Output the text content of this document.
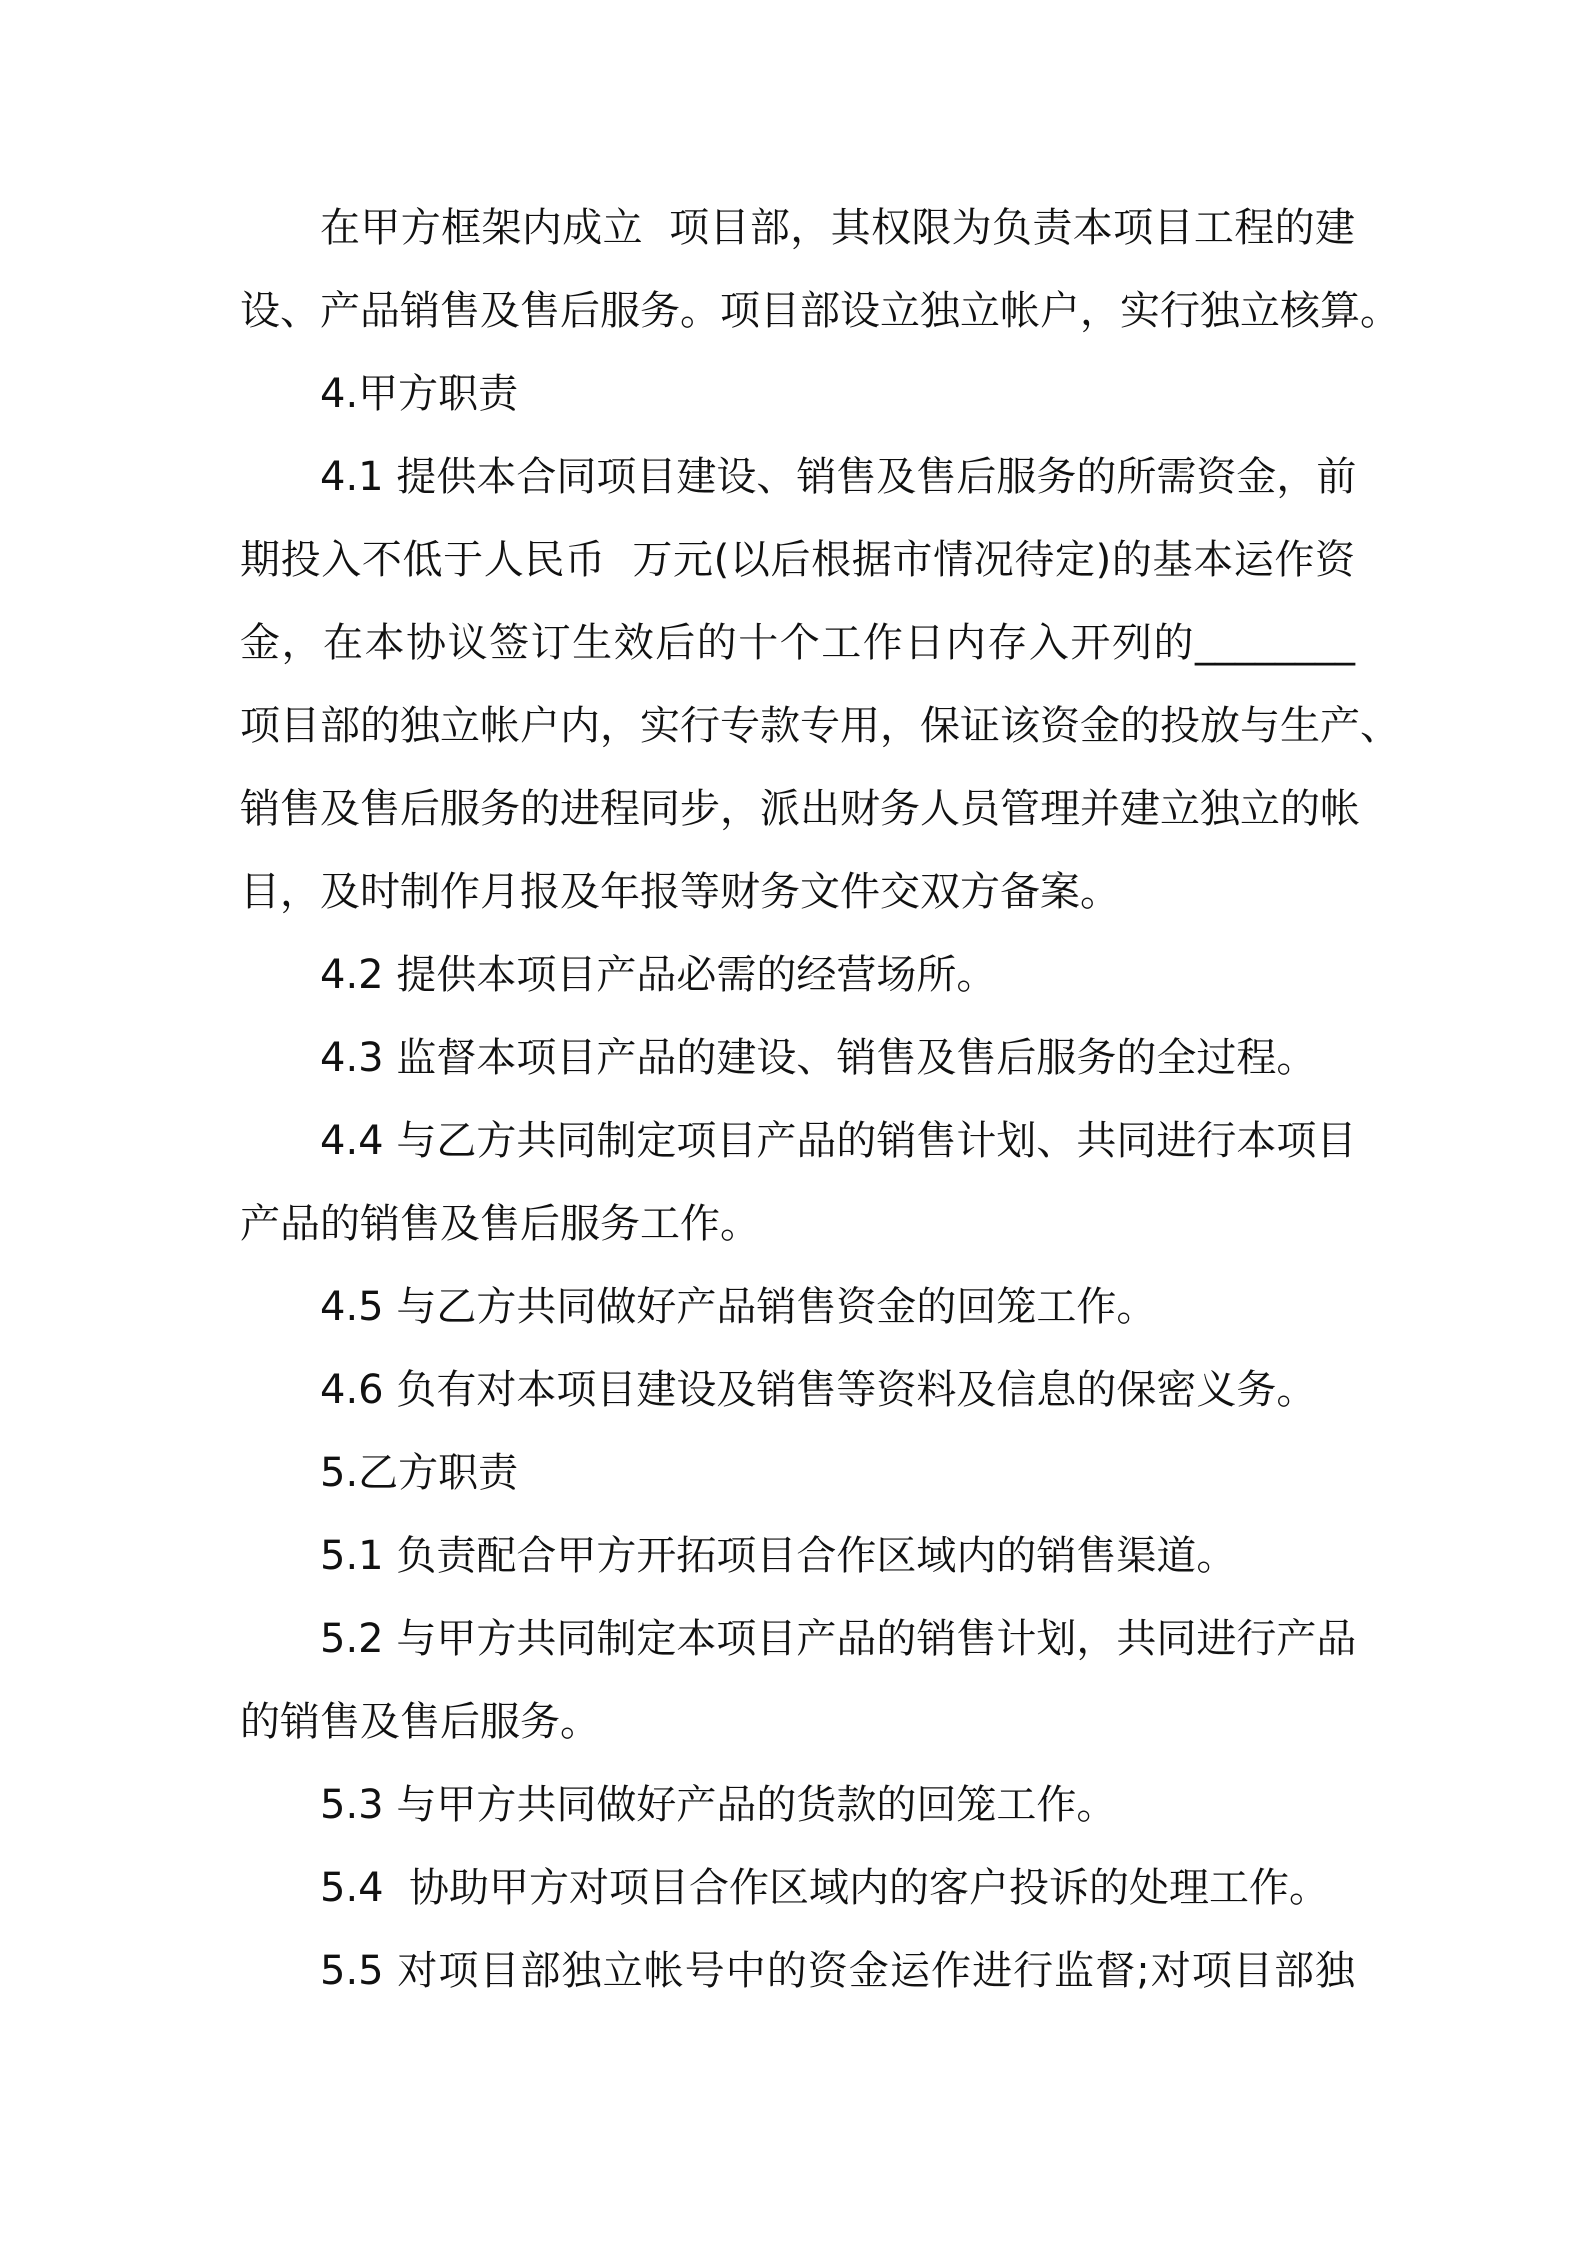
在甲方框架内成立  项目部，其权限为负责本项目工程的建
设、产品销售及售后服务。项目部设立独立帐户，实行独立核算。
4.甲方职责
4.1 提供本合同项目建设、销售及售后服务的所需资金，前
期投入不低于人民币  万元(以后根据市情况待定)的基本运作资
金，在本协议签订生效后的十个工作日内存入开列的________
项目部的独立帐户内，实行专款专用，保证该资金的投放与生产、
销售及售后服务的进程同步，派出财务人员管理并建立独立的帐
目，及时制作月报及年报等财务文件交双方备案。
4.2 提供本项目产品必需的经营场所。
4.3 监督本项目产品的建设、销售及售后服务的全过程。
4.4 与乙方共同制定项目产品的销售计划、共同进行本项目
产品的销售及售后服务工作。
4.5 与乙方共同做好产品销售资金的回笼工作。
4.6 负有对本项目建设及销售等资料及信息的保密义务。
5.乙方职责
5.1 负责配合甲方开拓项目合作区域内的销售渠道。
5.2 与甲方共同制定本项目产品的销售计划，共同进行产品
的销售及售后服务。
5.3 与甲方共同做好产品的货款的回笼工作。
5.4  协助甲方对项目合作区域内的客户投诉的处理工作。
5.5 对项目部独立帐号中的资金运作进行监督;对项目部独
